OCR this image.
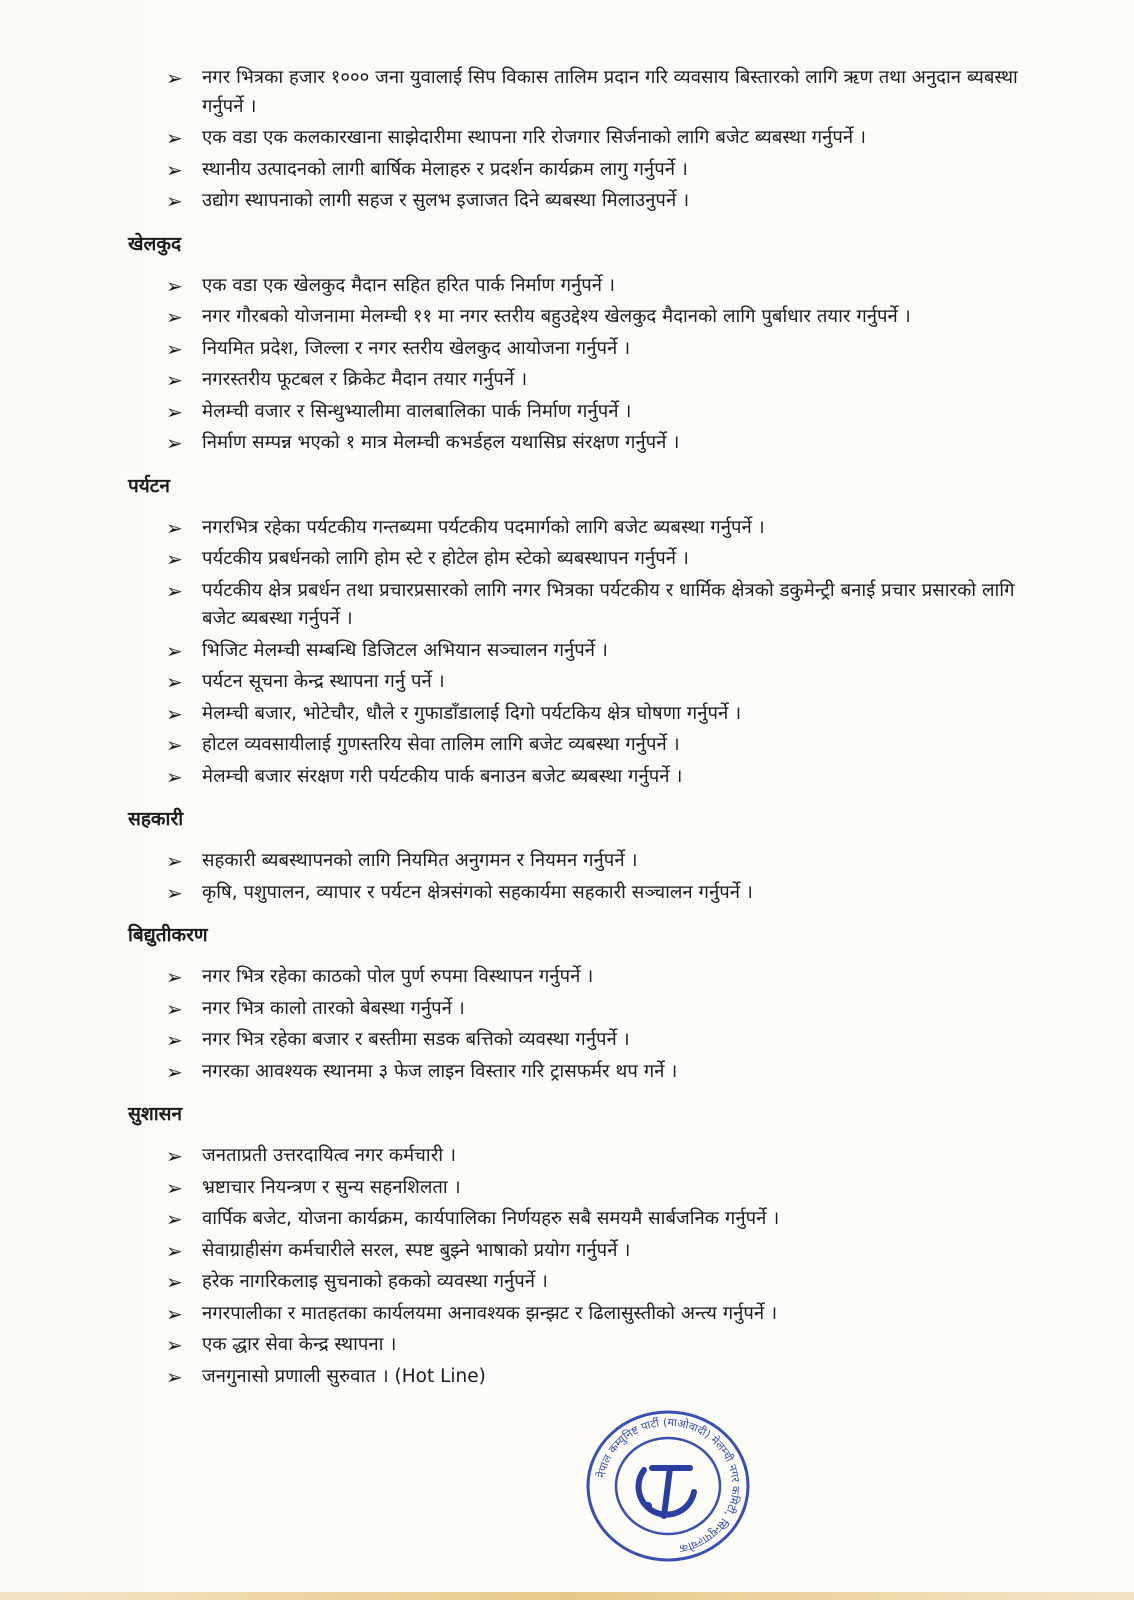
➢ नगर भित्रका हजार १००० जना युवालाई सिप विकास तालिम प्रदान गरि व्यवसाय बिस्तारको लागि ऋण तथा अनुदान ब्यबस्था गर्नुपर्ने ।
➢ एक वडा एक कलकारखाना साझेदारीमा स्थापना गरि रोजगार सिर्जनाको लागि बजेट ब्यबस्था गर्नुपर्ने ।
➢ स्थानीय उत्पादनको लागी बार्षिक मेलाहरु र प्रदर्शन कार्यक्रम लागु गर्नुपर्ने ।
➢ उद्योग स्थापनाको लागी सहज र सुलभ इजाजत दिने ब्यबस्था मिलाउनुपर्ने ।
खेलकुद
➢ एक वडा एक खेलकुद मैदान सहित हरित पार्क निर्माण गर्नुपर्ने ।
➢ नगर गौरबको योजनामा मेलम्ची ११ मा नगर स्तरीय बहुउद्देश्य खेलकुद मैदानको लागि पुर्बाधार तयार गर्नुपर्ने ।
➢ नियमित प्रदेश, जिल्ला र नगर स्तरीय खेलकुद आयोजना गर्नुपर्ने ।
➢ नगरस्तरीय फूटबल र क्रिकेट मैदान तयार गर्नुपर्ने ।
➢ मेलम्ची वजार र सिन्धुभ्यालीमा वालबालिका पार्क निर्माण गर्नुपर्ने ।
➢ निर्माण सम्पन्न भएको १ मात्र मेलम्ची कभर्डहल यथासिघ्र संरक्षण गर्नुपर्ने ।
पर्यटन
➢ नगरभित्र रहेका पर्यटकीय गन्तब्यमा पर्यटकीय पदमार्गको लागि बजेट ब्यबस्था गर्नुपर्ने ।
➢ पर्यटकीय प्रबर्धनको लागि होम स्टे र होटेल होम स्टेको ब्यबस्थापन गर्नुपर्ने ।
➢ पर्यटकीय क्षेत्र प्रबर्धन तथा प्रचारप्रसारको लागि नगर भित्रका पर्यटकीय र धार्मिक क्षेत्रको डकुमेन्ट्री बनाई प्रचार प्रसारको लागि बजेट ब्यबस्था गर्नुपर्ने ।
➢ भिजिट मेलम्ची सम्बन्धि डिजिटल अभियान सञ्चालन गर्नुपर्ने ।
➢ पर्यटन सूचना केन्द्र स्थापना गर्नु पर्ने ।
➢ मेलम्ची बजार, भोटेचौर, धौले र गुफाडाँडालाई दिगो पर्यटकिय क्षेत्र घोषणा गर्नुपर्ने ।
➢ होटल व्यवसायीलाई गुणस्तरिय सेवा तालिम लागि बजेट व्यबस्था गर्नुपर्ने ।
➢ मेलम्ची बजार संरक्षण गरी पर्यटकीय पार्क बनाउन बजेट ब्यबस्था गर्नुपर्ने ।
सहकारी
➢ सहकारी ब्यबस्थापनको लागि नियमित अनुगमन र नियमन गर्नुपर्ने ।
➢ कृषि, पशुपालन, व्यापार र पर्यटन क्षेत्रसंगको सहकार्यमा सहकारी सञ्चालन गर्नुपर्ने ।
बिद्युतीकरण
➢ नगर भित्र रहेका काठको पोल पुर्ण रुपमा विस्थापन गर्नुपर्ने ।
➢ नगर भित्र कालो तारको बेबस्था गर्नुपर्ने ।
➢ नगर भित्र रहेका बजार र बस्तीमा सडक बत्तिको व्यवस्था गर्नुपर्ने ।
➢ नगरका आवश्यक स्थानमा ३ फेज लाइन विस्तार गरि ट्रासफर्मर थप गर्ने ।
सुशासन
➢ जनताप्रती उत्तरदायित्व नगर कर्मचारी ।
➢ भ्रष्टाचार नियन्त्रण र सुन्य सहनशिलता ।
➢ वार्पिक बजेट, योजना कार्यक्रम, कार्यपालिका निर्णयहरु सबै समयमै सार्बजनिक गर्नुपर्ने ।
➢ सेवाग्राहीसंग कर्मचारीले सरल, स्पष्ट बुझ्ने भाषाको प्रयोग गर्नुपर्ने ।
➢ हरेक नागरिकलाइ सुचनाको हकको व्यवस्था गर्नुपर्ने ।
➢ नगरपालीका र मातहतका कार्यलयमा अनावश्यक झन्झट र ढिलासुस्तीको अन्त्य गर्नुपर्ने ।
➢ एक द्धार सेवा केन्द्र स्थापना ।
➢ जनगुनासो प्रणाली सुरुवात । (Hot Line)
नेपाल कम्युनिष्ट पार्टी (माओवादी) मेलम्ची नगर कमिटी, सिन्धुपाल्चोक
